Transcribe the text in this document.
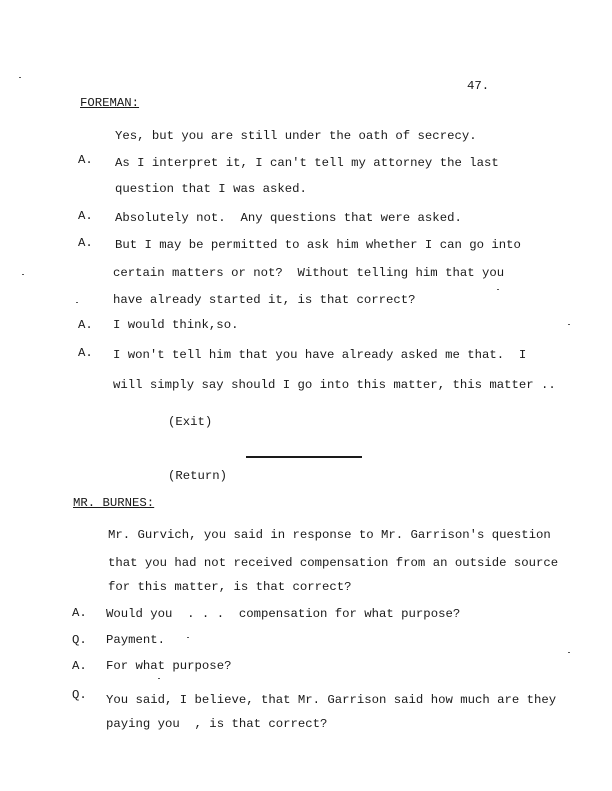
47.
FOREMAN:
Yes, but you are still under the oath of secrecy.
A. As I interpret it, I can't tell my attorney the last
question that I was asked.
A. Absolutely not.  Any questions that were asked.
A. But I may be permitted to ask him whether I can go into
certain matters or not?  Without telling him that you
have already started it, is that correct?
A. I would think,so.
A. I won't tell him that you have already asked me that.  I
will simply say should I go into this matter, this matter ..
(Exit)
(Return)
MR. BURNES:
Mr. Gurvich, you said in response to Mr. Garrison's question
that you had not received compensation from an outside source
for this matter, is that correct?
A. Would you  . . .  compensation for what purpose?
Q. Payment.
A. For what purpose?
Q. You said, I believe, that Mr. Garrison said how much are they
paying you  , is that correct?
